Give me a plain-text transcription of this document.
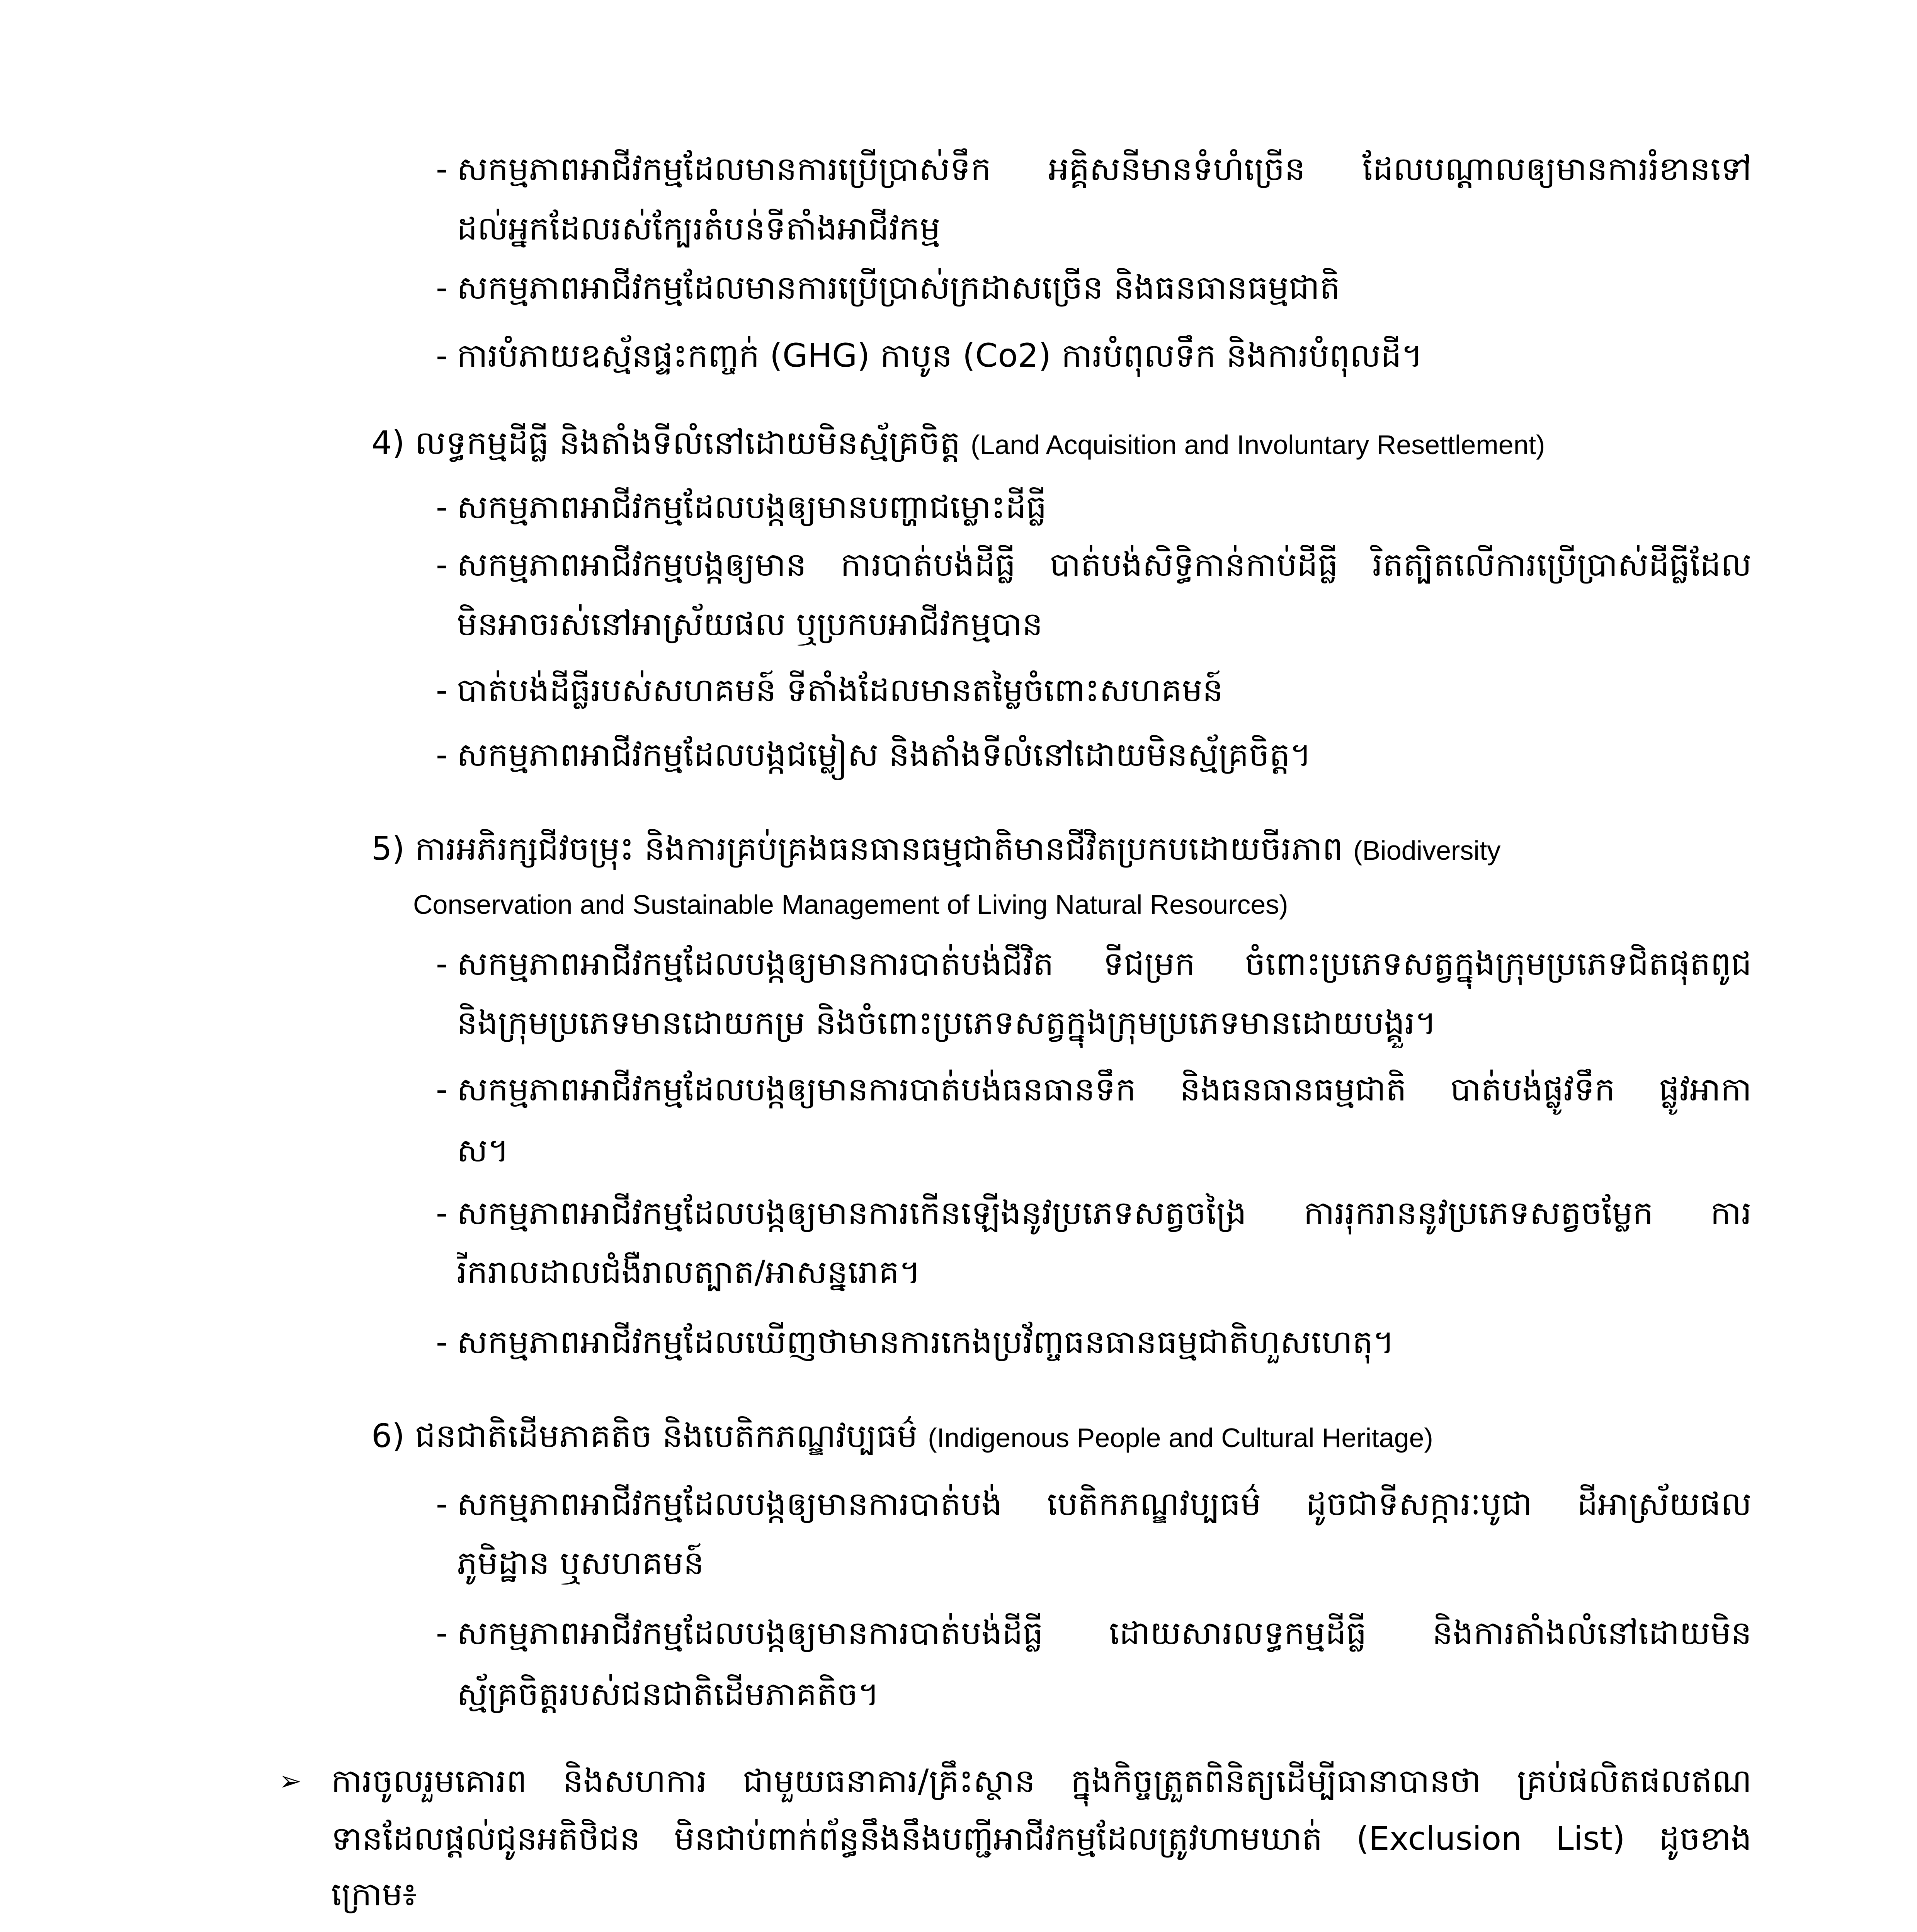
- សកម្មភាពអាជីវកម្មដែលមានការប្រើប្រាស់ទឹក អគ្គិសនីមានទំហំច្រើន ដែលបណ្តាលឲ្យមានការរំខានទៅ
ដល់អ្នកដែលរស់ក្បែរតំបន់ទីតាំងអាជីវកម្ម
- សកម្មភាពអាជីវកម្មដែលមានការប្រើប្រាស់ក្រដាសច្រើន និងធនធានធម្មជាតិ
- ការបំភាយឧស្ម័នផ្ទះកញ្ចក់ (GHG) កាបូន (Co2) ការបំពុលទឹក និងការបំពុលដី។
4) លទ្ធកម្មដីធ្លី និងតាំងទីលំនៅដោយមិនស្ម័គ្រចិត្ត (Land Acquisition and Involuntary Resettlement)
- សកម្មភាពអាជីវកម្មដែលបង្កឲ្យមានបញ្ហាជម្លោះដីធ្លី
- សកម្មភាពអាជីវកម្មបង្កឲ្យមាន ការបាត់បង់ដីធ្លី បាត់បង់សិទ្ធិកាន់កាប់ដីធ្លី រិតត្បិតលើការប្រើប្រាស់ដីធ្លីដែល
មិនអាចរស់នៅអាស្រ័យផល ឬប្រកបអាជីវកម្មបាន
- បាត់បង់ដីធ្លីរបស់សហគមន៍ ទីតាំងដែលមានតម្លៃចំពោះសហគមន៍
- សកម្មភាពអាជីវកម្មដែលបង្កជម្លៀស និងតាំងទីលំនៅដោយមិនស្ម័គ្រចិត្ត។
5) ការអភិរក្សជីវចម្រុះ និងការគ្រប់គ្រងធនធានធម្មជាតិមានជីវិតប្រកបដោយចីរភាព (Biodiversity
Conservation and Sustainable Management of Living Natural Resources)
- សកម្មភាពអាជីវកម្មដែលបង្កឲ្យមានការបាត់បង់ជីវិត ទីជម្រក ចំពោះប្រភេទសត្វក្នុងក្រុមប្រភេទជិតផុតពូជ
និងក្រុមប្រភេទមានដោយកម្រ និងចំពោះប្រភេទសត្វក្នុងក្រុមប្រភេទមានដោយបង្គួរ។
- សកម្មភាពអាជីវកម្មដែលបង្កឲ្យមានការបាត់បង់ធនធានទឹក និងធនធានធម្មជាតិ បាត់បង់ផ្លូវទឹក ផ្លូវអាកា
ស។
- សកម្មភាពអាជីវកម្មដែលបង្កឲ្យមានការកើនឡើងនូវប្រភេទសត្វចង្រៃ ការរុករាននូវប្រភេទសត្វចម្លែក ការ
រីករាលដាលជំងឺរាលត្បាត/អាសន្នរោគ។
- សកម្មភាពអាជីវកម្មដែលឃើញថាមានការកេងប្រវ័ញ្ចធនធានធម្មជាតិហួសហេតុ។
6) ជនជាតិដើមភាគតិច និងបេតិកភណ្ឌវប្បធម៌ (Indigenous People and Cultural Heritage)
- សកម្មភាពអាជីវកម្មដែលបង្កឲ្យមានការបាត់បង់ បេតិកភណ្ឌវប្បធម៌ ដូចជាទីសក្ការៈបូជា ដីអាស្រ័យផល
ភូមិដ្ឋាន ឬសហគមន៍
- សកម្មភាពអាជីវកម្មដែលបង្កឲ្យមានការបាត់បង់ដីធ្លី ដោយសារលទ្ធកម្មដីធ្លី និងការតាំងលំនៅដោយមិន
ស្ម័គ្រចិត្តរបស់ជនជាតិដើមភាគតិច។
➢ ការចូលរួមគោរព និងសហការ ជាមួយធនាគារ/គ្រឹះស្ថាន ក្នុងកិច្ចត្រួតពិនិត្យដើម្បីធានាបានថា គ្រប់ផលិតផលឥណ
ទានដែលផ្តល់ជូនអតិថិជន មិនជាប់ពាក់ព័ន្ធនឹងនឹងបញ្ជីអាជីវកម្មដែលត្រូវហាមឃាត់ (Exclusion List) ដូចខាង
ក្រោម៖
